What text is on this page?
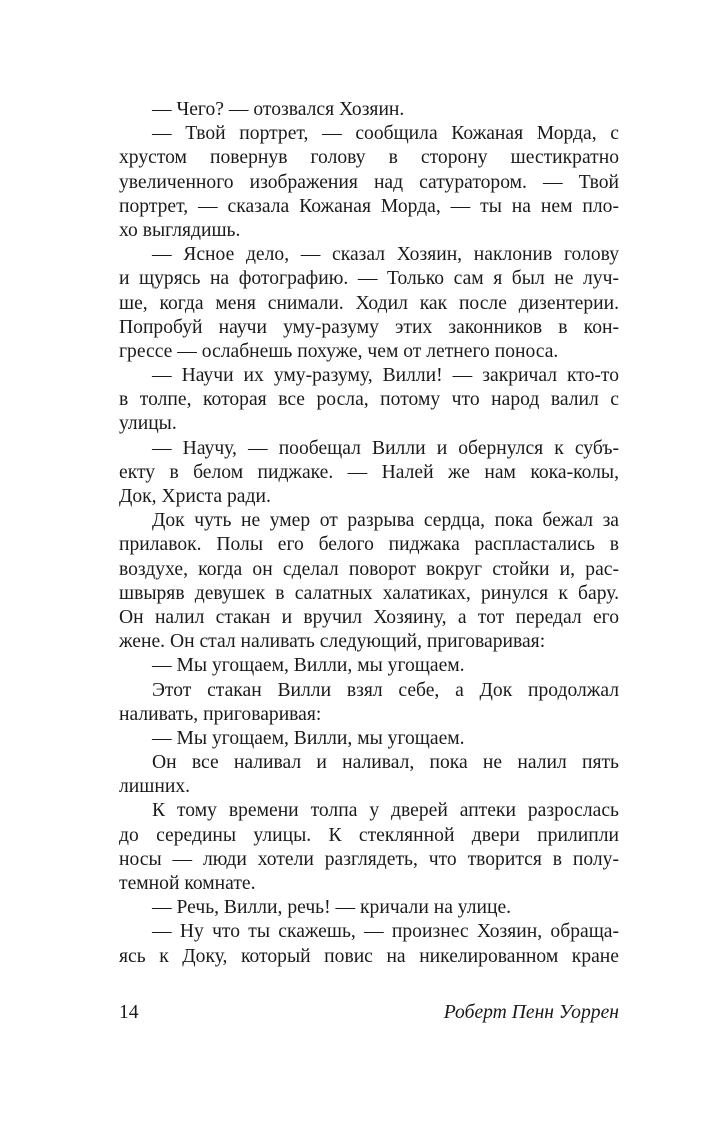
— Чего? — отозвался Хозяин.
— Твой портрет, — сообщила Кожаная Морда, с
хрустом повернув голову в сторону шестикратно
увеличенного изображения над сатуратором. — Твой
портрет, — сказала Кожаная Морда, — ты на нем пло-
хо выглядишь.
— Ясное дело, — сказал Хозяин, наклонив голову
и щурясь на фотографию. — Только сам я был не луч-
ше, когда меня снимали. Ходил как после дизентерии.
Попробуй научи уму-разуму этих законников в кон-
грессе — ослабнешь похуже, чем от летнего поноса.
— Научи их уму-разуму, Вилли! — закричал кто-то
в толпе, которая все росла, потому что народ валил с
улицы.
— Научу, — пообещал Вилли и обернулся к субъ-
екту в белом пиджаке. — Налей же нам кока-колы,
Док, Христа ради.
Док чуть не умер от разрыва сердца, пока бежал за
прилавок. Полы его белого пиджака распластались в
воздухе, когда он сделал поворот вокруг стойки и, рас-
швыряв девушек в салатных халатиках, ринулся к бару.
Он налил стакан и вручил Хозяину, а тот передал его
жене. Он стал наливать следующий, приговаривая:
— Мы угощаем, Вилли, мы угощаем.
Этот стакан Вилли взял себе, а Док продолжал
наливать, приговаривая:
— Мы угощаем, Вилли, мы угощаем.
Он все наливал и наливал, пока не налил пять
лишних.
К тому времени толпа у дверей аптеки разрослась
до середины улицы. К стеклянной двери прилипли
носы — люди хотели разглядеть, что творится в полу-
темной комнате.
— Речь, Вилли, речь! — кричали на улице.
— Ну что ты скажешь, — произнес Хозяин, обраща-
ясь к Доку, который повис на никелированном кране
14	Роберт Пенн Уоррен
